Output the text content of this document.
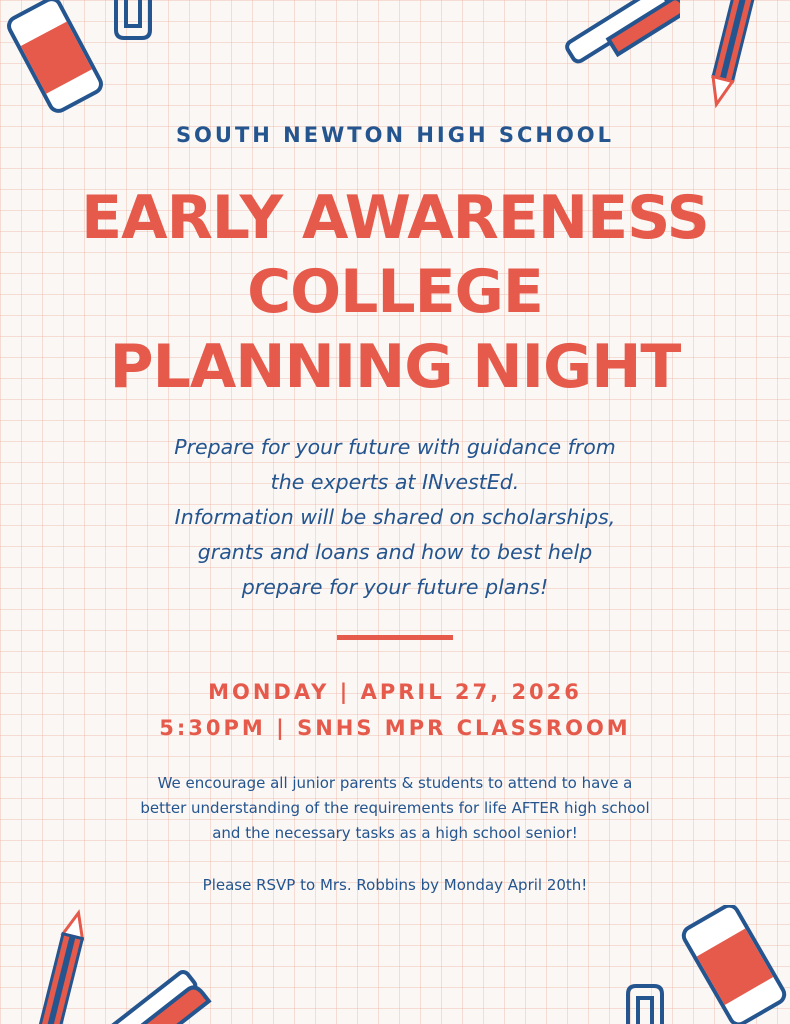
SOUTH NEWTON HIGH SCHOOL
EARLY AWARENESS
COLLEGE
PLANNING NIGHT
Prepare for your future with guidance from
the experts at INvestEd.
Information will be shared on scholarships,
grants and loans and how to best help
prepare for your future plans!
MONDAY | APRIL 27, 2026
5:30PM | SNHS MPR CLASSROOM
We encourage all junior parents & students to attend to have a
better understanding of the requirements for life AFTER high school
and the necessary tasks as a high school senior!
Please RSVP to Mrs. Robbins by Monday April 20th!
